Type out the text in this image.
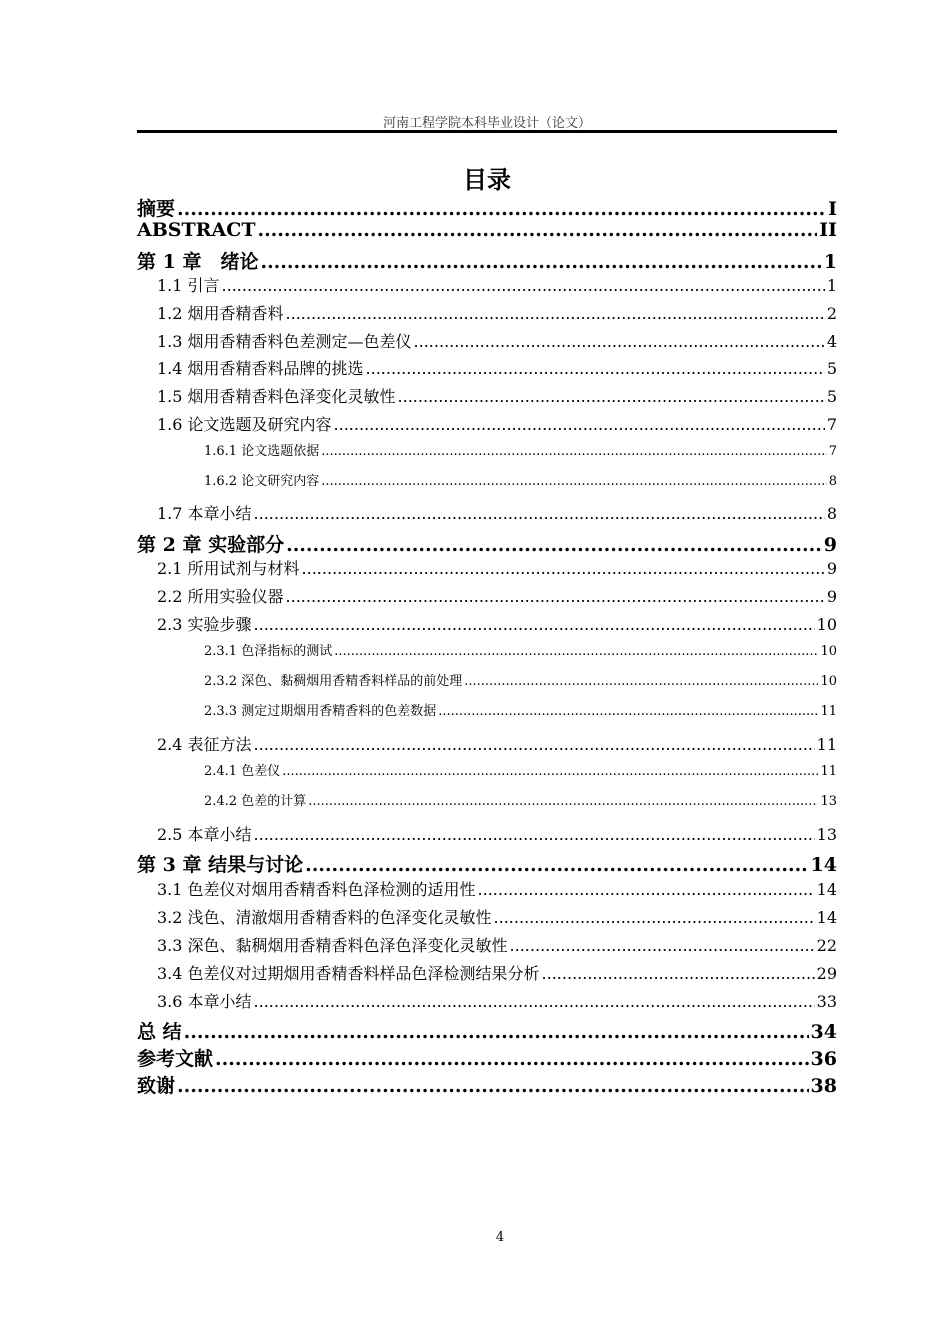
河南工程学院本科毕业设计（论文）
目录
摘要 .....	I
ABSTRACT .....	II
第 1 章　绪论 .....	1
1.1 引言 .....	1
1.2 烟用香精香料 .....	2
1.3 烟用香精香料色差测定—色差仪 .....	4
1.4 烟用香精香料品牌的挑选 .....	5
1.5 烟用香精香料色泽变化灵敏性 .....	5
1.6 论文选题及研究内容 .....	7
1.6.1 论文选题依据 .....	7
1.6.2 论文研究内容 .....	8
1.7 本章小结 .....	8
第 2 章 实验部分 .....	9
2.1 所用试剂与材料 .....	9
2.2 所用实验仪器 .....	9
2.3 实验步骤 .....	10
2.3.1 色泽指标的测试 .....	10
2.3.2 深色、黏稠烟用香精香料样品的前处理 .....	10
2.3.3 测定过期烟用香精香料的色差数据 .....	11
2.4 表征方法 .....	11
2.4.1 色差仪 .....	11
2.4.2 色差的计算 .....	13
2.5 本章小结 .....	13
第 3 章 结果与讨论 .....	14
3.1 色差仪对烟用香精香料色泽检测的适用性 .....	14
3.2 浅色、清澈烟用香精香料的色泽变化灵敏性 .....	14
3.3 深色、黏稠烟用香精香料色泽色泽变化灵敏性 .....	22
3.4 色差仪对过期烟用香精香料样品色泽检测结果分析 .....	29
3.6 本章小结 .....	33
总 结 .....	34
参考文献 .....	36
致谢 .....	38
4
